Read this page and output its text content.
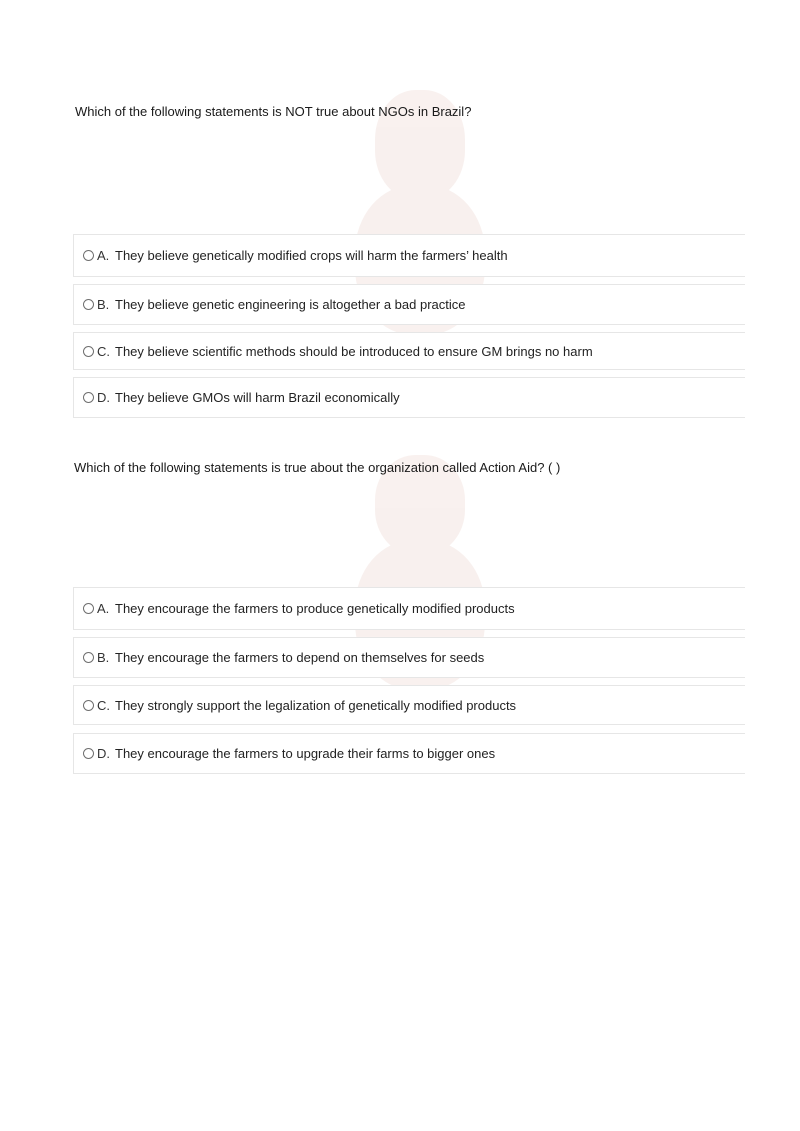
Which of the following statements is NOT true about NGOs in Brazil?
A. They believe genetically modified crops will harm the farmers’ health
B. They believe genetic engineering is altogether a bad practice
C. They believe scientific methods should be introduced to ensure GM brings no harm
D. They believe GMOs will harm Brazil economically
Which of the following statements is true about the organization called Action Aid? ( )
A. They encourage the farmers to produce genetically modified products
B. They encourage the farmers to depend on themselves for seeds
C. They strongly support the legalization of genetically modified products
D. They encourage the farmers to upgrade their farms to bigger ones
